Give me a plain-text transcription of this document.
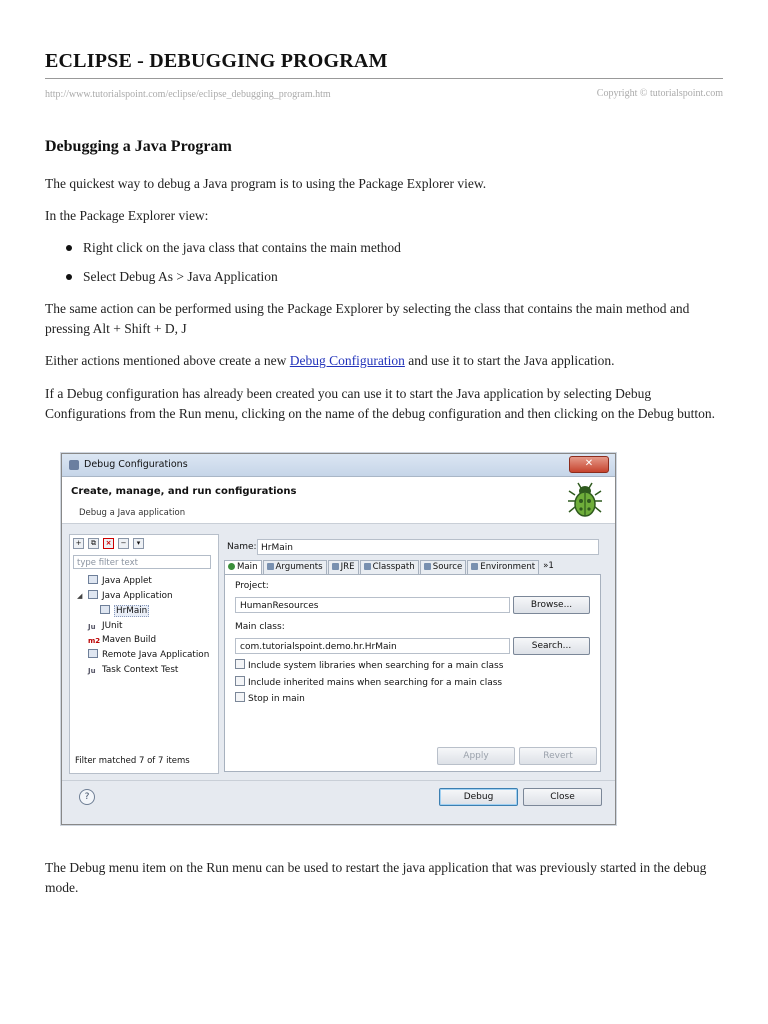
ECLIPSE - DEBUGGING PROGRAM
http://www.tutorialspoint.com/eclipse/eclipse_debugging_program.htm	Copyright © tutorialspoint.com
Debugging a Java Program

The quickest way to debug a Java program is to using the Package Explorer view.

In the Package Explorer view:

Right click on the java class that contains the main method
Select Debug As > Java Application

The same action can be performed using the Package Explorer by selecting the class that contains the main method and pressing Alt + Shift + D, J

Either actions mentioned above create a new Debug Configuration and use it to start the Java application.

If a Debug configuration has already been created you can use it to start the Java application by selecting Debug Configurations from the Run menu, clicking on the name of the debug configuration and then clicking on the Debug button.

The Debug menu item on the Run menu can be used to restart the java application that was previously started in the debug mode.

Debug Configurations	✕
Create, manage, and run configurations
Debug a Java application
+	⧉	×	−	▾
type filter text
Java Applet
◢ Java Application
HrMain
Ju JUnit
m2 Maven Build
Remote Java Application
Ju Task Context Test
Filter matched 7 of 7 items
Name: HrMain
Main	Arguments	JRE	Classpath	Source	Environment »1
Project:
HumanResources	Browse...
Main class:
com.tutorialspoint.demo.hr.HrMain	Search...
Include system libraries when searching for a main class
Include inherited mains when searching for a main class
Stop in main
Apply	Revert
?	Debug	Close
